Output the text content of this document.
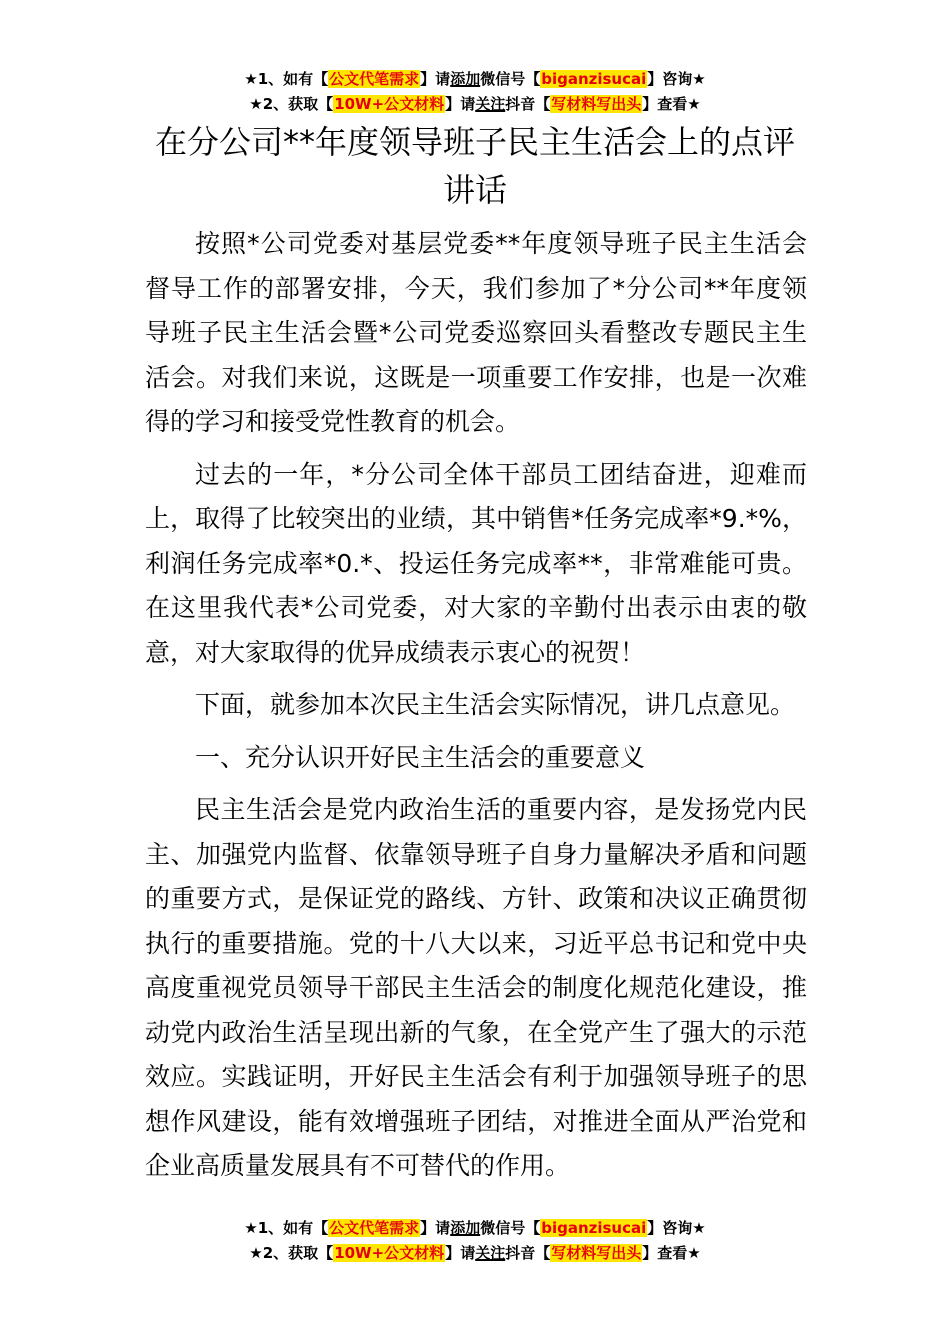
★1、如有【公文代笔需求】请添加微信号【biganzisucai】咨询★
★2、获取【10W+公文材料】请关注抖音【写材料写出头】查看★
在分公司**年度领导班子民主生活会上的点评讲话

按照*公司党委对基层党委**年度领导班子民主生活会督导工作的部署安排，今天，我们参加了*分公司**年度领导班子民主生活会暨*公司党委巡察回头看整改专题民主生活会。对我们来说，这既是一项重要工作安排，也是一次难得的学习和接受党性教育的机会。

过去的一年，*分公司全体干部员工团结奋进，迎难而上，取得了比较突出的业绩，其中销售*任务完成率*9.*%，利润任务完成率*0.*、投运任务完成率**，非常难能可贵。在这里我代表*公司党委，对大家的辛勤付出表示由衷的敬意，对大家取得的优异成绩表示衷心的祝贺！

下面，就参加本次民主生活会实际情况，讲几点意见。

一、充分认识开好民主生活会的重要意义

民主生活会是党内政治生活的重要内容，是发扬党内民主、加强党内监督、依靠领导班子自身力量解决矛盾和问题的重要方式，是保证党的路线、方针、政策和决议正确贯彻执行的重要措施。党的十八大以来，习近平总书记和党中央高度重视党员领导干部民主生活会的制度化规范化建设，推动党内政治生活呈现出新的气象，在全党产生了强大的示范效应。实践证明，开好民主生活会有利于加强领导班子的思想作风建设，能有效增强班子团结，对推进全面从严治党和企业高质量发展具有不可替代的作用。

★1、如有【公文代笔需求】请添加微信号【biganzisucai】咨询★
★2、获取【10W+公文材料】请关注抖音【写材料写出头】查看★
